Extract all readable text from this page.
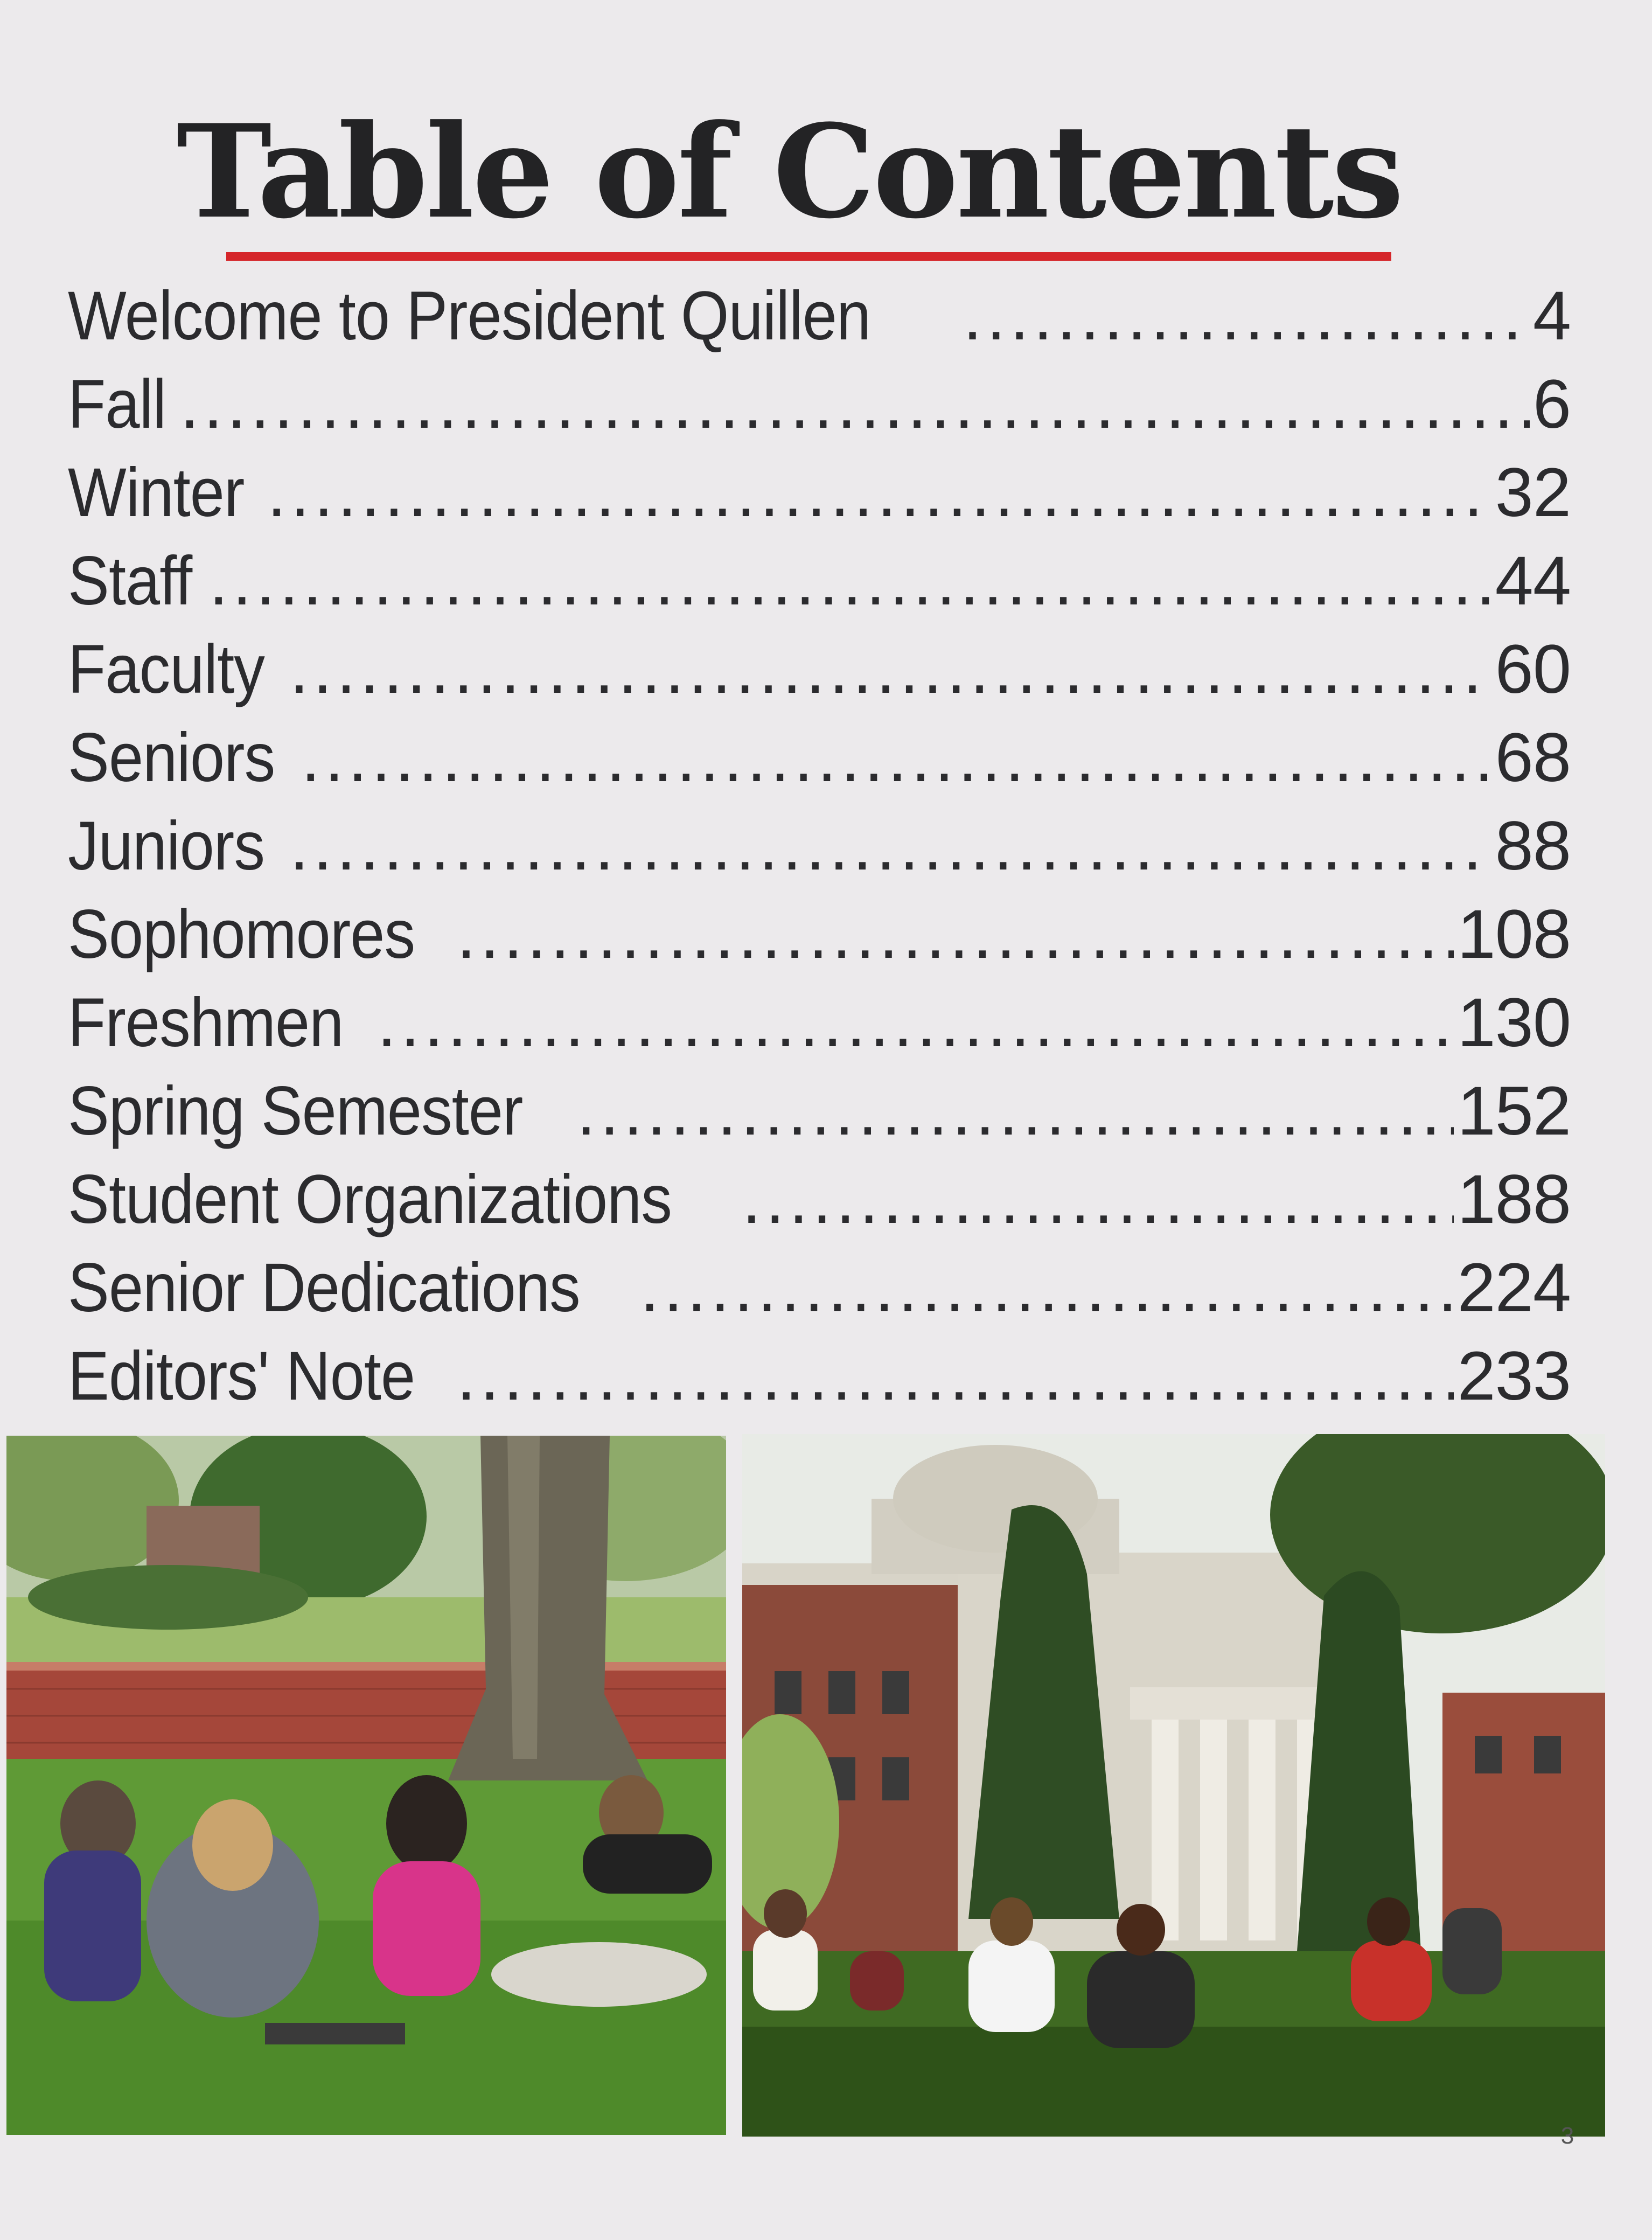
Table of Contents
Welcome to President Quillen .....	4
Fall .....	6
Winter .....	32
Staff .....	44
Faculty .....	60
Seniors .....	68
Juniors .....	88
Sophomores .....	108
Freshmen .....	130
Spring Semester .....	152
Student Organizations .....	188
Senior Dedications .....	224
Editors' Note .....	233
3
